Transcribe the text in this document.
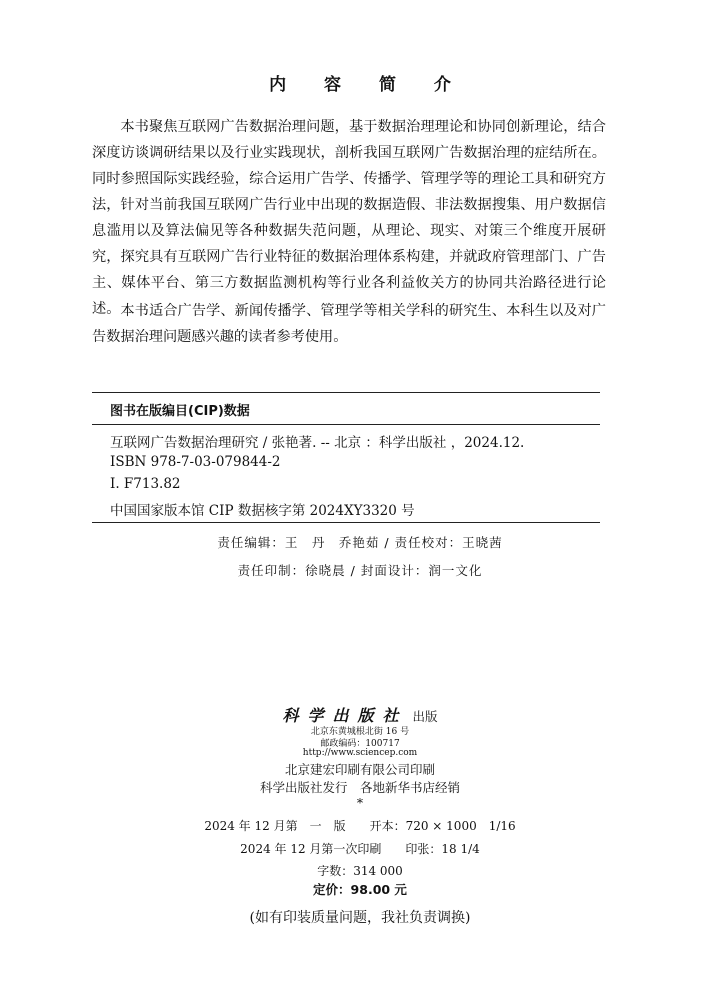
内 容 简 介

本书聚焦互联网广告数据治理问题，基于数据治理理论和协同创新理论，结合深度访谈调研结果以及行业实践现状，剖析我国互联网广告数据治理的症结所在。同时参照国际实践经验，综合运用广告学、传播学、管理学等的理论工具和研究方法，针对当前我国互联网广告行业中出现的数据造假、非法数据搜集、用户数据信息滥用以及算法偏见等各种数据失范问题，从理论、现实、对策三个维度开展研究，探究具有互联网广告行业特征的数据治理体系构建，并就政府管理部门、广告主、媒体平台、第三方数据监测机构等行业各利益攸关方的协同共治路径进行论述。 本书适合广告学、新闻传播学、管理学等相关学科的研究生、本科生以及对广告数据治理问题感兴趣的读者参考使用。

图书在版编目(CIP)数据
互联网广告数据治理研究 / 张艳著. -- 北京 ：科学出版社 ，2024.12.
ISBN 978-7-03-079844-2
Ⅰ. F713.82
中国国家版本馆 CIP 数据核字第 2024XY3320 号
责任编辑：王　丹　乔艳茹 / 责任校对：王晓茜
责任印制：徐晓晨 / 封面设计：润一文化
科学出版社 出版
北京东黄城根北街 16 号
邮政编码：100717
http://www.sciencep.com
北京建宏印刷有限公司印刷
科学出版社发行　各地新华书店经销
*
2024 年 12 月第　一　版　　开本：720 × 1000　1/16
2024 年 12 月第一次印刷　　印张：18 1/4
字数：314 000
定价：98.00 元
(如有印装质量问题，我社负责调换)
